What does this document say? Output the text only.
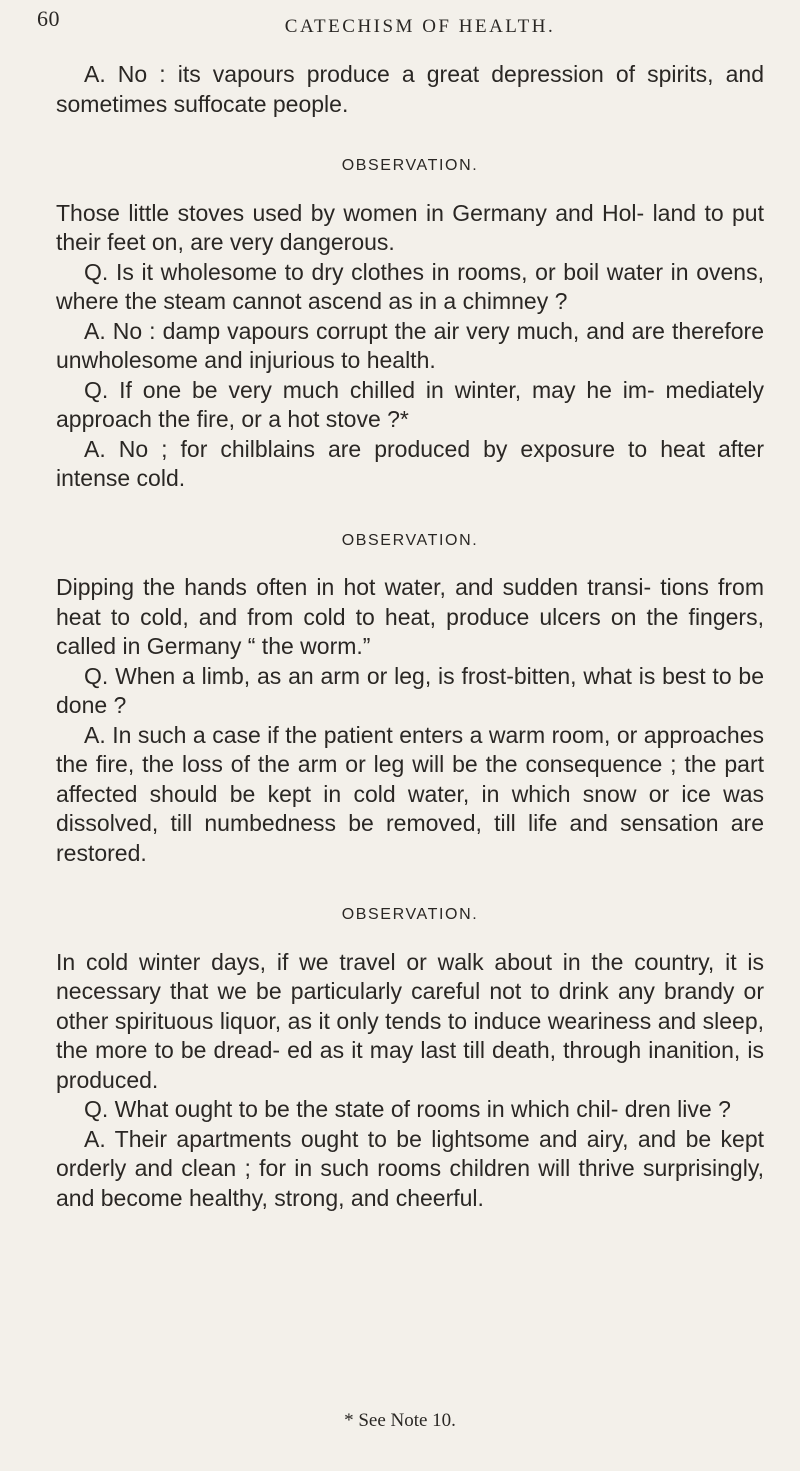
60	CATECHISM OF HEALTH.

A. No : its vapours produce a great depression of spirits, and sometimes suffocate people.

OBSERVATION.

Those little stoves used by women in Germany and Hol- land to put their feet on, are very dangerous.

Q. Is it wholesome to dry clothes in rooms, or boil water in ovens, where the steam cannot ascend as in a chimney ?

A. No : damp vapours corrupt the air very much, and are therefore unwholesome and injurious to health.

Q. If one be very much chilled in winter, may he im- mediately approach the fire, or a hot stove ?*

A. No ; for chilblains are produced by exposure to heat after intense cold.

OBSERVATION.

Dipping the hands often in hot water, and sudden transi- tions from heat to cold, and from cold to heat, produce ulcers on the fingers, called in Germany “ the worm.”

Q. When a limb, as an arm or leg, is frost-bitten, what is best to be done ?

A. In such a case if the patient enters a warm room, or approaches the fire, the loss of the arm or leg will be the consequence ; the part affected should be kept in cold water, in which snow or ice was dissolved, till numbedness be removed, till life and sensation are restored.

OBSERVATION.

In cold winter days, if we travel or walk about in the country, it is necessary that we be particularly careful not to drink any brandy or other spirituous liquor, as it only tends to induce weariness and sleep, the more to be dread- ed as it may last till death, through inanition, is produced.

Q. What ought to be the state of rooms in which chil- dren live ?

A. Their apartments ought to be lightsome and airy, and be kept orderly and clean ; for in such rooms children will thrive surprisingly, and become healthy, strong, and cheerful.

* See Note 10.
